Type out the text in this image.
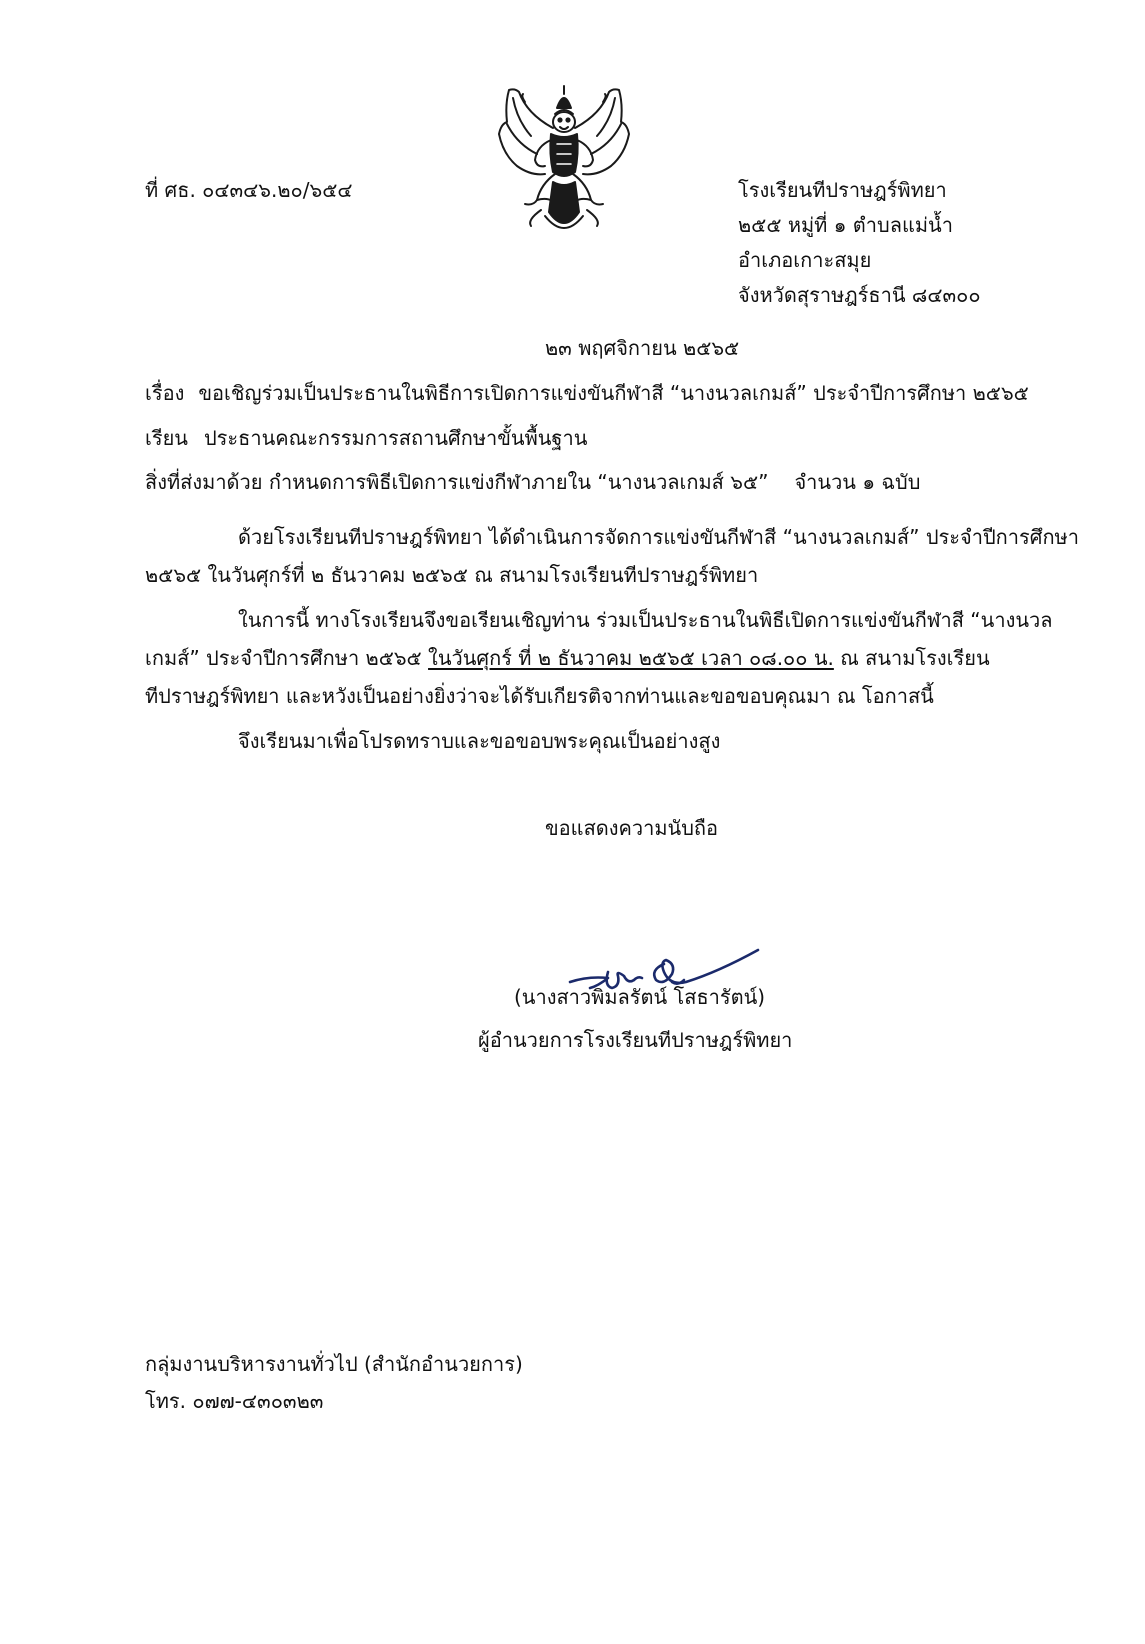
ที่ ศธ. ๐๔๓๔๖.๒๐/๖๕๔	โรงเรียนทีปราษฎร์พิทยา
๒๕๕ หมู่ที่ ๑ ตำบลแม่น้ำ
อำเภอเกาะสมุย
จังหวัดสุราษฎร์ธานี ๘๔๓๐๐
๒๓ พฤศจิกายน ๒๕๖๕
เรื่อง ขอเชิญร่วมเป็นประธานในพิธีการเปิดการแข่งขันกีฬาสี “นางนวลเกมส์” ประจำปีการศึกษา ๒๕๖๕
เรียน ประธานคณะกรรมการสถานศึกษาขั้นพื้นฐาน
สิ่งที่ส่งมาด้วย กำหนดการพิธีเปิดการแข่งกีฬาภายใน “นางนวลเกมส์ ๖๕” จำนวน ๑ ฉบับ
ด้วยโรงเรียนทีปราษฎร์พิทยา ได้ดำเนินการจัดการแข่งขันกีฬาสี “นางนวลเกมส์” ประจำปีการศึกษา
๒๕๖๕ ในวันศุกร์ที่ ๒ ธันวาคม ๒๕๖๕ ณ สนามโรงเรียนทีปราษฎร์พิทยา
ในการนี้ ทางโรงเรียนจึงขอเรียนเชิญท่าน ร่วมเป็นประธานในพิธีเปิดการแข่งขันกีฬาสี “นางนวล
เกมส์” ประจำปีการศึกษา ๒๕๖๕ ในวันศุกร์ ที่ ๒ ธันวาคม ๒๕๖๕ เวลา ๐๘.๐๐ น. ณ สนามโรงเรียน
ทีปราษฎร์พิทยา และหวังเป็นอย่างยิ่งว่าจะได้รับเกียรติจากท่านและขอขอบคุณมา ณ โอกาสนี้
จึงเรียนมาเพื่อโปรดทราบและขอขอบพระคุณเป็นอย่างสูง
ขอแสดงความนับถือ
(นางสาวพิมลรัตน์ โสธารัตน์)
ผู้อำนวยการโรงเรียนทีปราษฎร์พิทยา
กลุ่มงานบริหารงานทั่วไป (สำนักอำนวยการ)
โทร. ๐๗๗-๔๓๐๓๒๓
